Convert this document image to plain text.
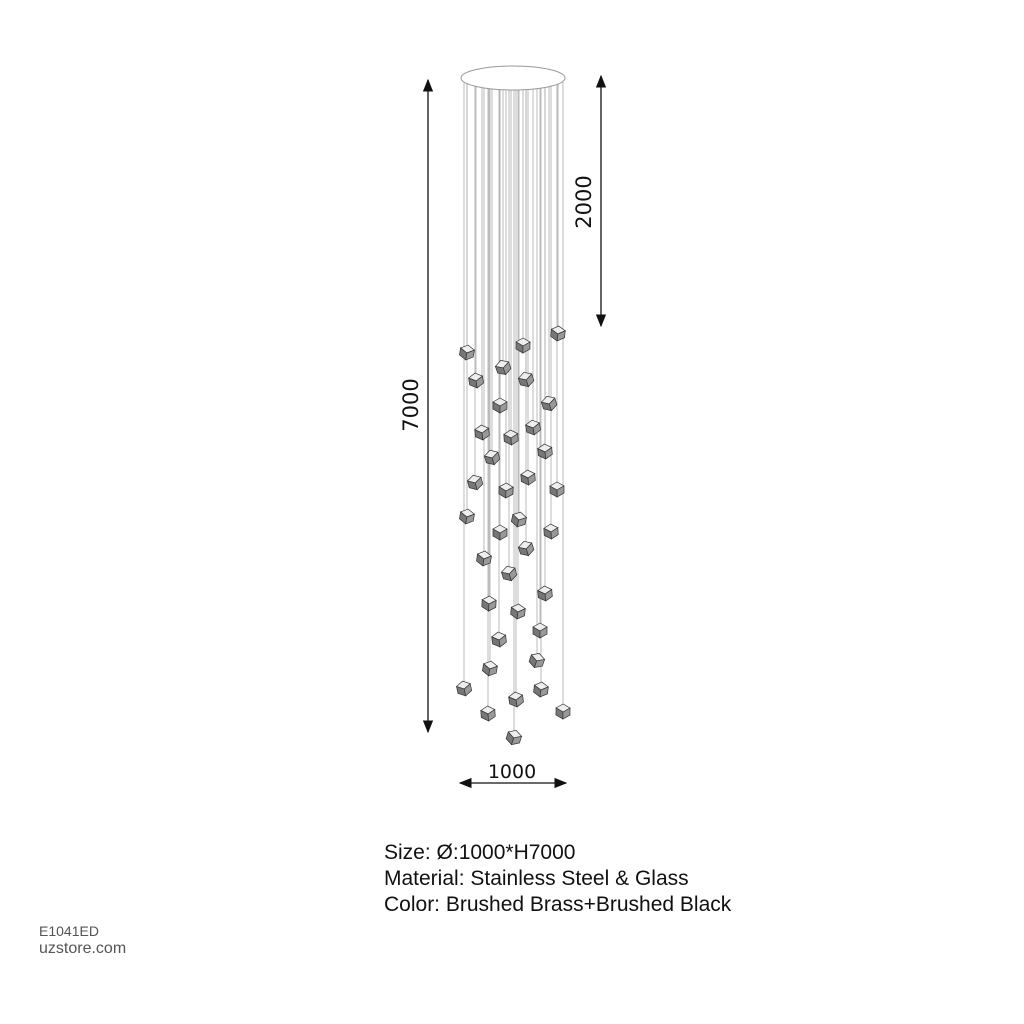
7000
2000
1000
Size: Ø:1000*H7000
Material: Stainless Steel & Glass
Color: Brushed Brass+Brushed Black
E1041ED
uzstore.com
